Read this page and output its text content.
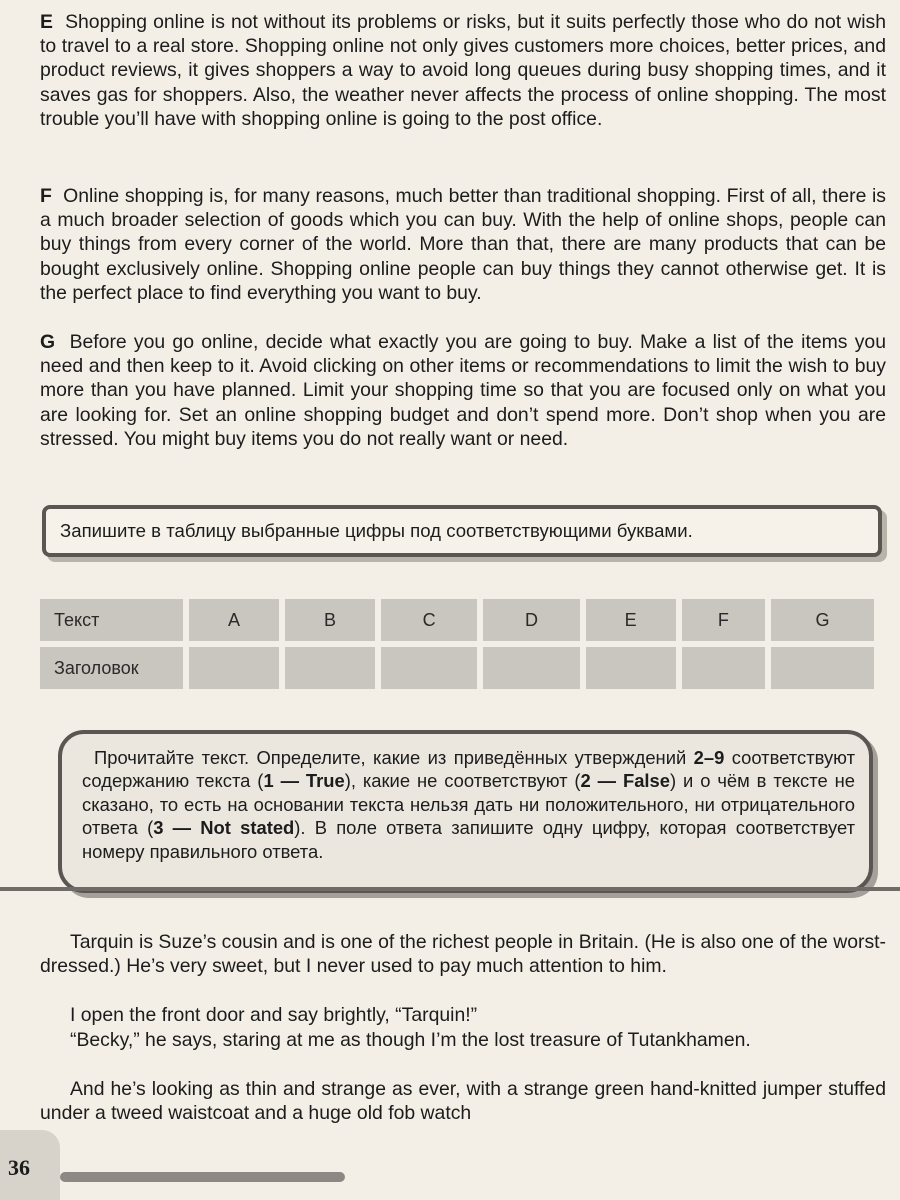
E Shopping online is not without its problems or risks, but it suits perfectly those who do not wish to travel to a real store. Shopping online not only gives customers more choices, better prices, and product reviews, it gives shoppers a way to avoid long queues during busy shopping times, and it saves gas for shoppers. Also, the weather never affects the process of online shopping. The most trouble you’ll have with shopping online is going to the post office.

F Online shopping is, for many reasons, much better than traditional shopping. First of all, there is a much broader selection of goods which you can buy. With the help of online shops, people can buy things from every corner of the world. More than that, there are many products that can be bought exclusively online. Shopping online people can buy things they cannot otherwise get. It is the perfect place to find everything you want to buy.

G Before you go online, decide what exactly you are going to buy. Make a list of the items you need and then keep to it. Avoid clicking on other items or recommendations to limit the wish to buy more than you have planned. Limit your shopping time so that you are focused only on what you are looking for. Set an online shopping budget and don’t spend more. Don’t shop when you are stressed. You might buy items you do not really want or need.

Запишите в таблицу выбранные цифры под соответствующими буквами.

Текст	A	B	C	D	E	F	G
Заголовок							

Прочитайте текст. Определите, какие из приведённых утверждений 2–9 соответствуют содержанию текста (1 — True), какие не соответствуют (2 — False) и о чём в тексте не сказано, то есть на основании текста нельзя дать ни положительного, ни отрицательного ответа (3 — Not stated). В поле ответа запишите одну цифру, которая соответствует номеру правильного ответа.

Tarquin is Suze’s cousin and is one of the richest people in Britain. (He is also one of the worst-dressed.) He’s very sweet, but I never used to pay much attention to him.

I open the front door and say brightly, “Tarquin!”

“Becky,” he says, staring at me as though I’m the lost treasure of Tutankhamen.

And he’s looking as thin and strange as ever, with a strange green hand-knitted jumper stuffed under a tweed waistcoat and a huge old fob watch

36
